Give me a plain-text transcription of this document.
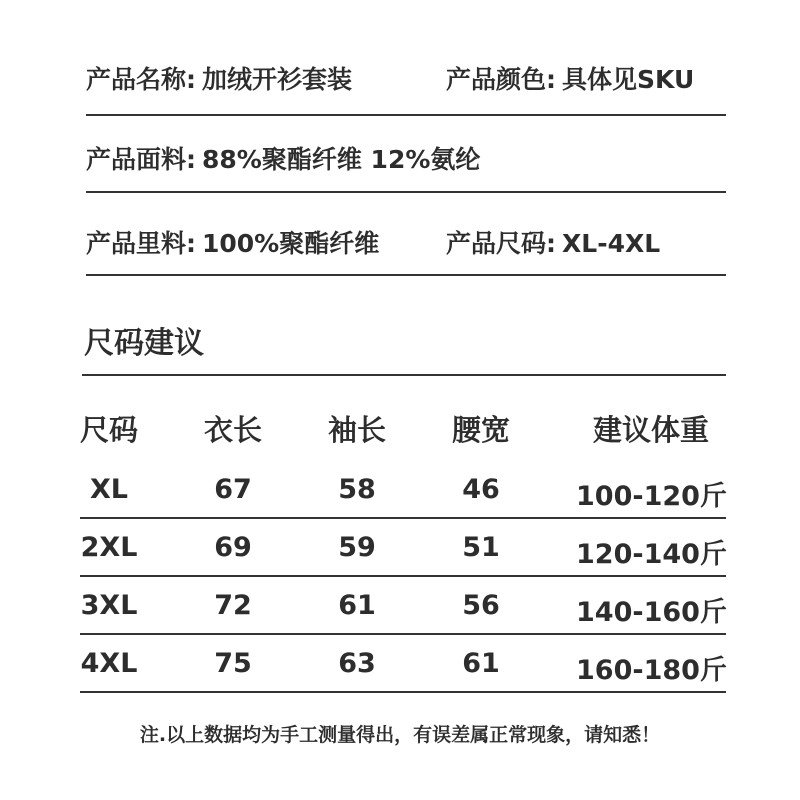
产品名称: 加绒开衫套装	产品颜色: 具体见SKU
产品面料: 88%聚酯纤维 12%氨纶
产品里料: 100%聚酯纤维	产品尺码: XL-4XL
尺码建议
尺码	衣长	袖长	腰宽	建议体重
XL	67	58	46	100-120斤
2XL	69	59	51	120-140斤
3XL	72	61	56	140-160斤
4XL	75	63	61	160-180斤
注.以上数据均为手工测量得出，有误差属正常现象，请知悉！
